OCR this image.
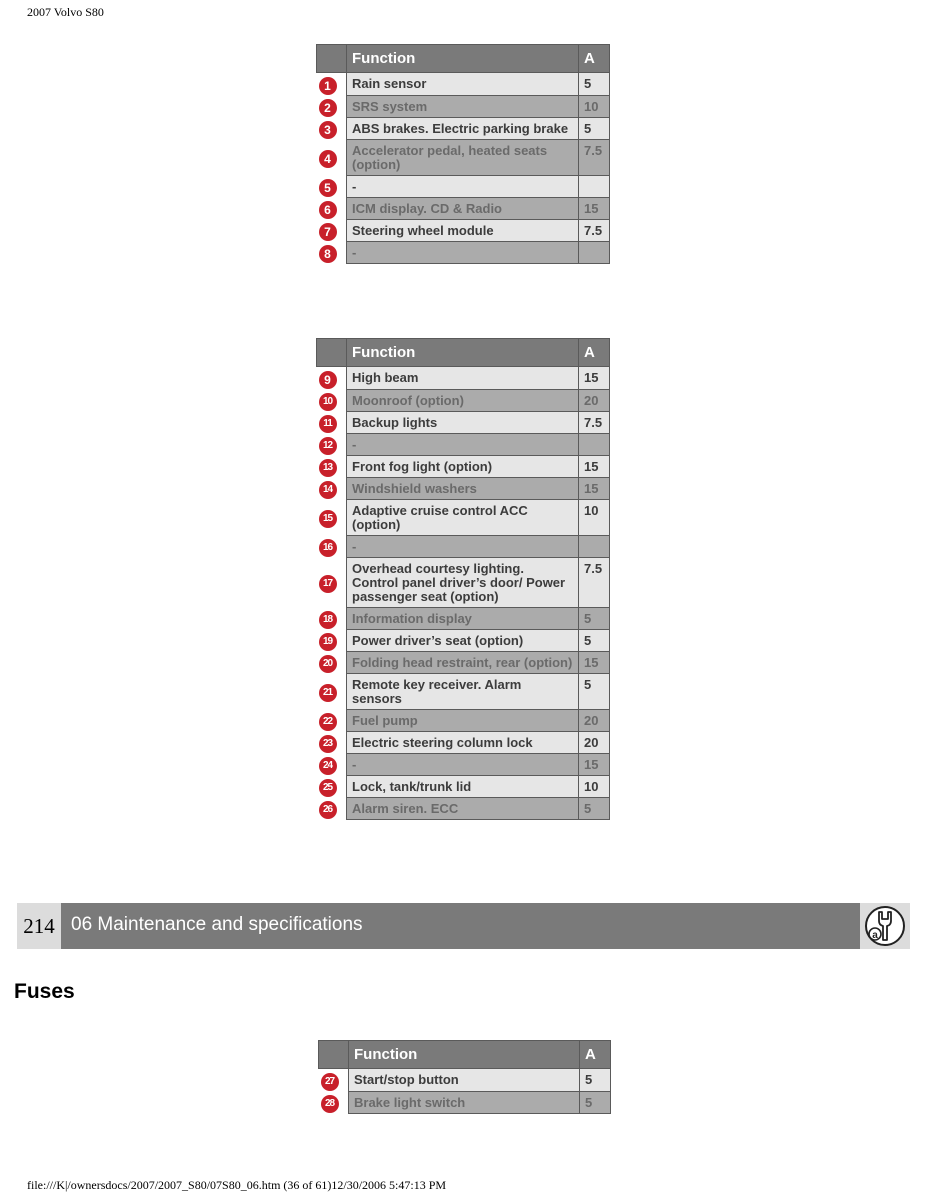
2007 Volvo S80
	Function	A
1	Rain sensor	5
2	SRS system	10
3	ABS brakes. Electric parking brake	5
4	Accelerator pedal, heated seats (option)	7.5
5	-	
6	ICM display. CD & Radio	15
7	Steering wheel module	7.5
8	-	
	Function	A
9	High beam	15
10	Moonroof (option)	20
11	Backup lights	7.5
12	-	
13	Front fog light (option)	15
14	Windshield washers	15
15	Adaptive cruise control ACC (option)	10
16	-	
17	Overhead courtesy lighting. Control panel driver’s door/ Power passenger seat (option)	7.5
18	Information display	5
19	Power driver’s seat (option)	5
20	Folding head restraint, rear (option)	15
21	Remote key receiver. Alarm sensors	5
22	Fuel pump	20
23	Electric steering column lock	20
24	-	15
25	Lock, tank/trunk lid	10
26	Alarm siren. ECC	5
214 06 Maintenance and specifications
a
Fuses
	Function	A
27	Start/stop button	5
28	Brake light switch	5
file:///K|/ownersdocs/2007/2007_S80/07S80_06.htm (36 of 61)12/30/2006 5:47:13 PM
